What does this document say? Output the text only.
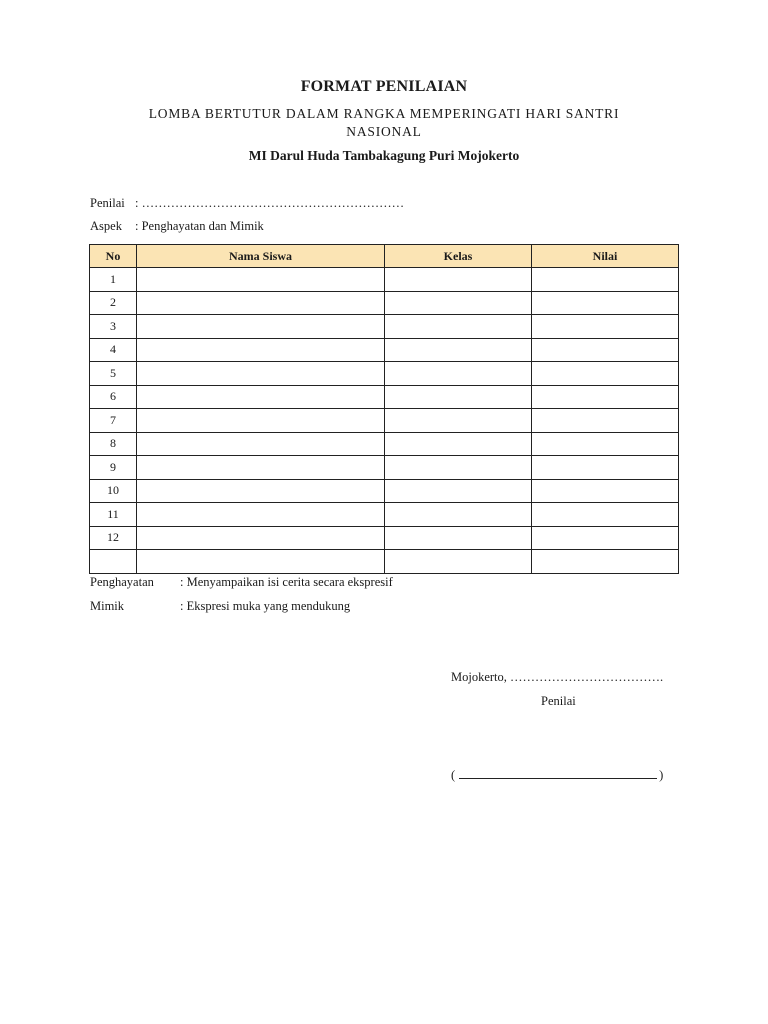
FORMAT PENILAIAN
LOMBA BERTUTUR DALAM RANGKA MEMPERINGATI HARI SANTRI NASIONAL
MI Darul Huda Tambakagung Puri Mojokerto
Penilai : ………………………………………………………
Aspek : Penghayatan dan Mimik
No	Nama Siswa	Kelas	Nilai
1			
2			
3			
4			
5			
6			
7			
8			
9			
10			
11			
12			

Penghayatan : Menyampaikan isi cerita secara ekspresif
Mimik	: Ekspresi muka yang mendukung
Mojokerto, ……………………………….
Penilai
(	)
